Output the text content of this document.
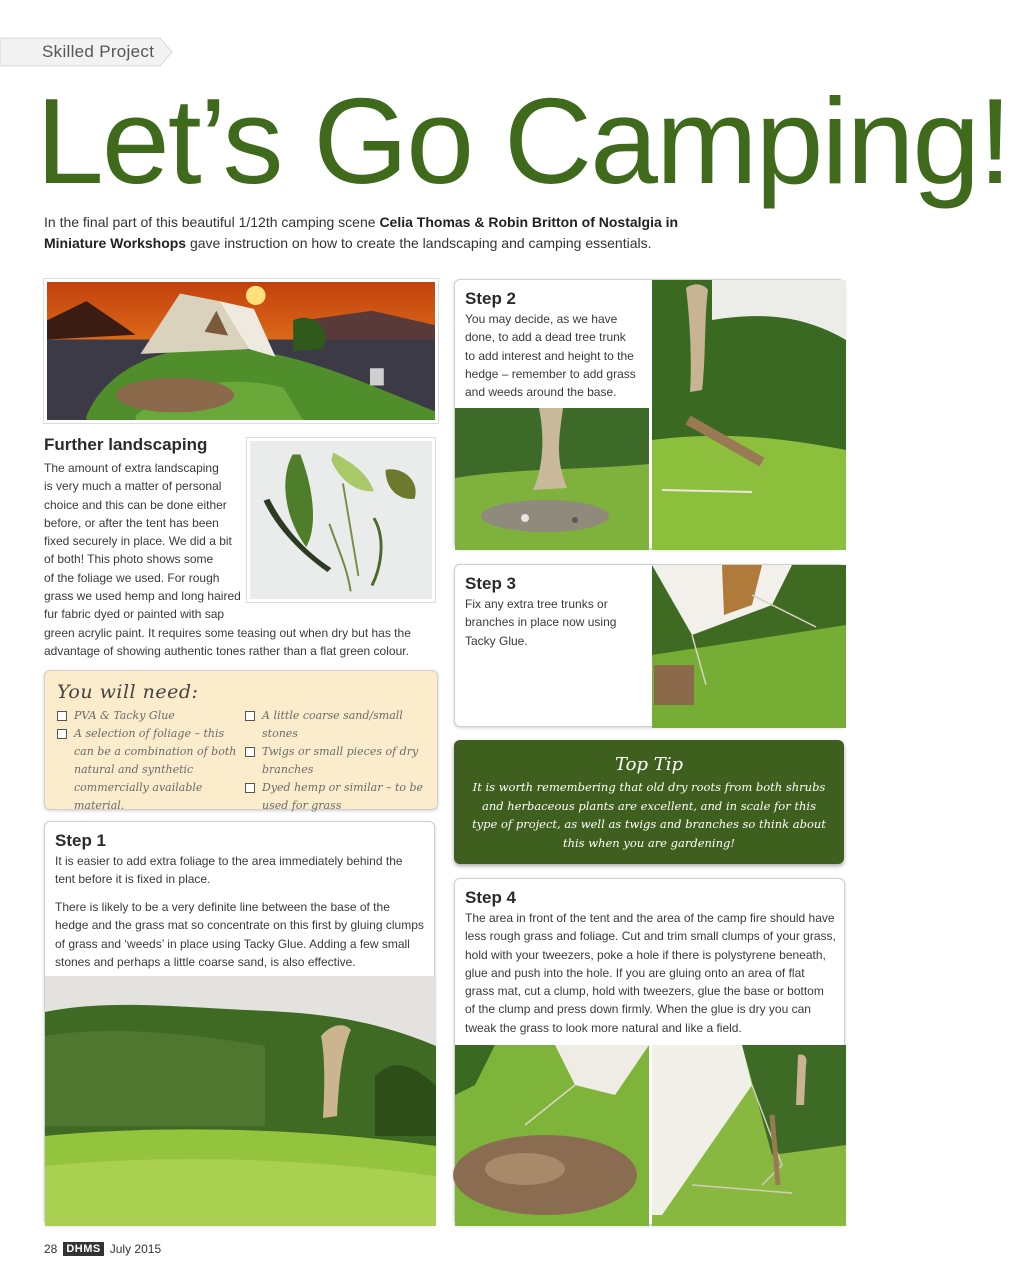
Skilled Project
Let’s Go Camping!

In the final part of this beautiful 1/12th camping scene Celia Thomas & Robin Britton of Nostalgia in Miniature Workshops gave instruction on how to create the landscaping and camping essentials.

Further landscaping
The amount of extra landscaping
is very much a matter of personal
choice and this can be done either
before, or after the tent has been
fixed securely in place. We did a bit
of both! This photo shows some
of the foliage we used. For rough
grass we used hemp and long haired
fur fabric dyed or painted with sap

green acrylic paint. It requires some teasing out when dry but has the advantage of showing authentic tones rather than a flat green colour.

You will need:
PVA & Tacky Glue
A selection of foliage – this can be a combination of both natural and synthetic commercially available material.
A little coarse sand/small stones
Twigs or small pieces of dry branches
Dyed hemp or similar – to be used for grass
Step 1

It is easier to add extra foliage to the area immediately behind the tent before it is fixed in place.

There is likely to be a very definite line between the base of the hedge and the grass mat so concentrate on this first by gluing clumps of grass and ‘weeds’ in place using Tacky Glue. Adding a few small stones and perhaps a little coarse sand, is also effective.

Step 2
You may decide, as we have
done, to add a dead tree trunk
to add interest and height to the
hedge – remember to add grass
and weeds around the base.
Step 3
Fix any extra tree trunks or
branches in place now using
Tacky Glue.
Top Tip

It is worth remembering that old dry roots from both shrubs and herbaceous plants are excellent, and in scale for this type of project, as well as twigs and branches so think about this when you are gardening!

Step 4

The area in front of the tent and the area of the camp fire should have less rough grass and foliage. Cut and trim small clumps of your grass, hold with your tweezers, poke a hole if there is polystyrene beneath, glue and push into the hole. If you are gluing onto an area of flat grass mat, cut a clump, hold with tweezers, glue the base or bottom of the clump and press down firmly. When the glue is dry you can tweak the grass to look more natural and like a field.

28 DHMS July 2015
